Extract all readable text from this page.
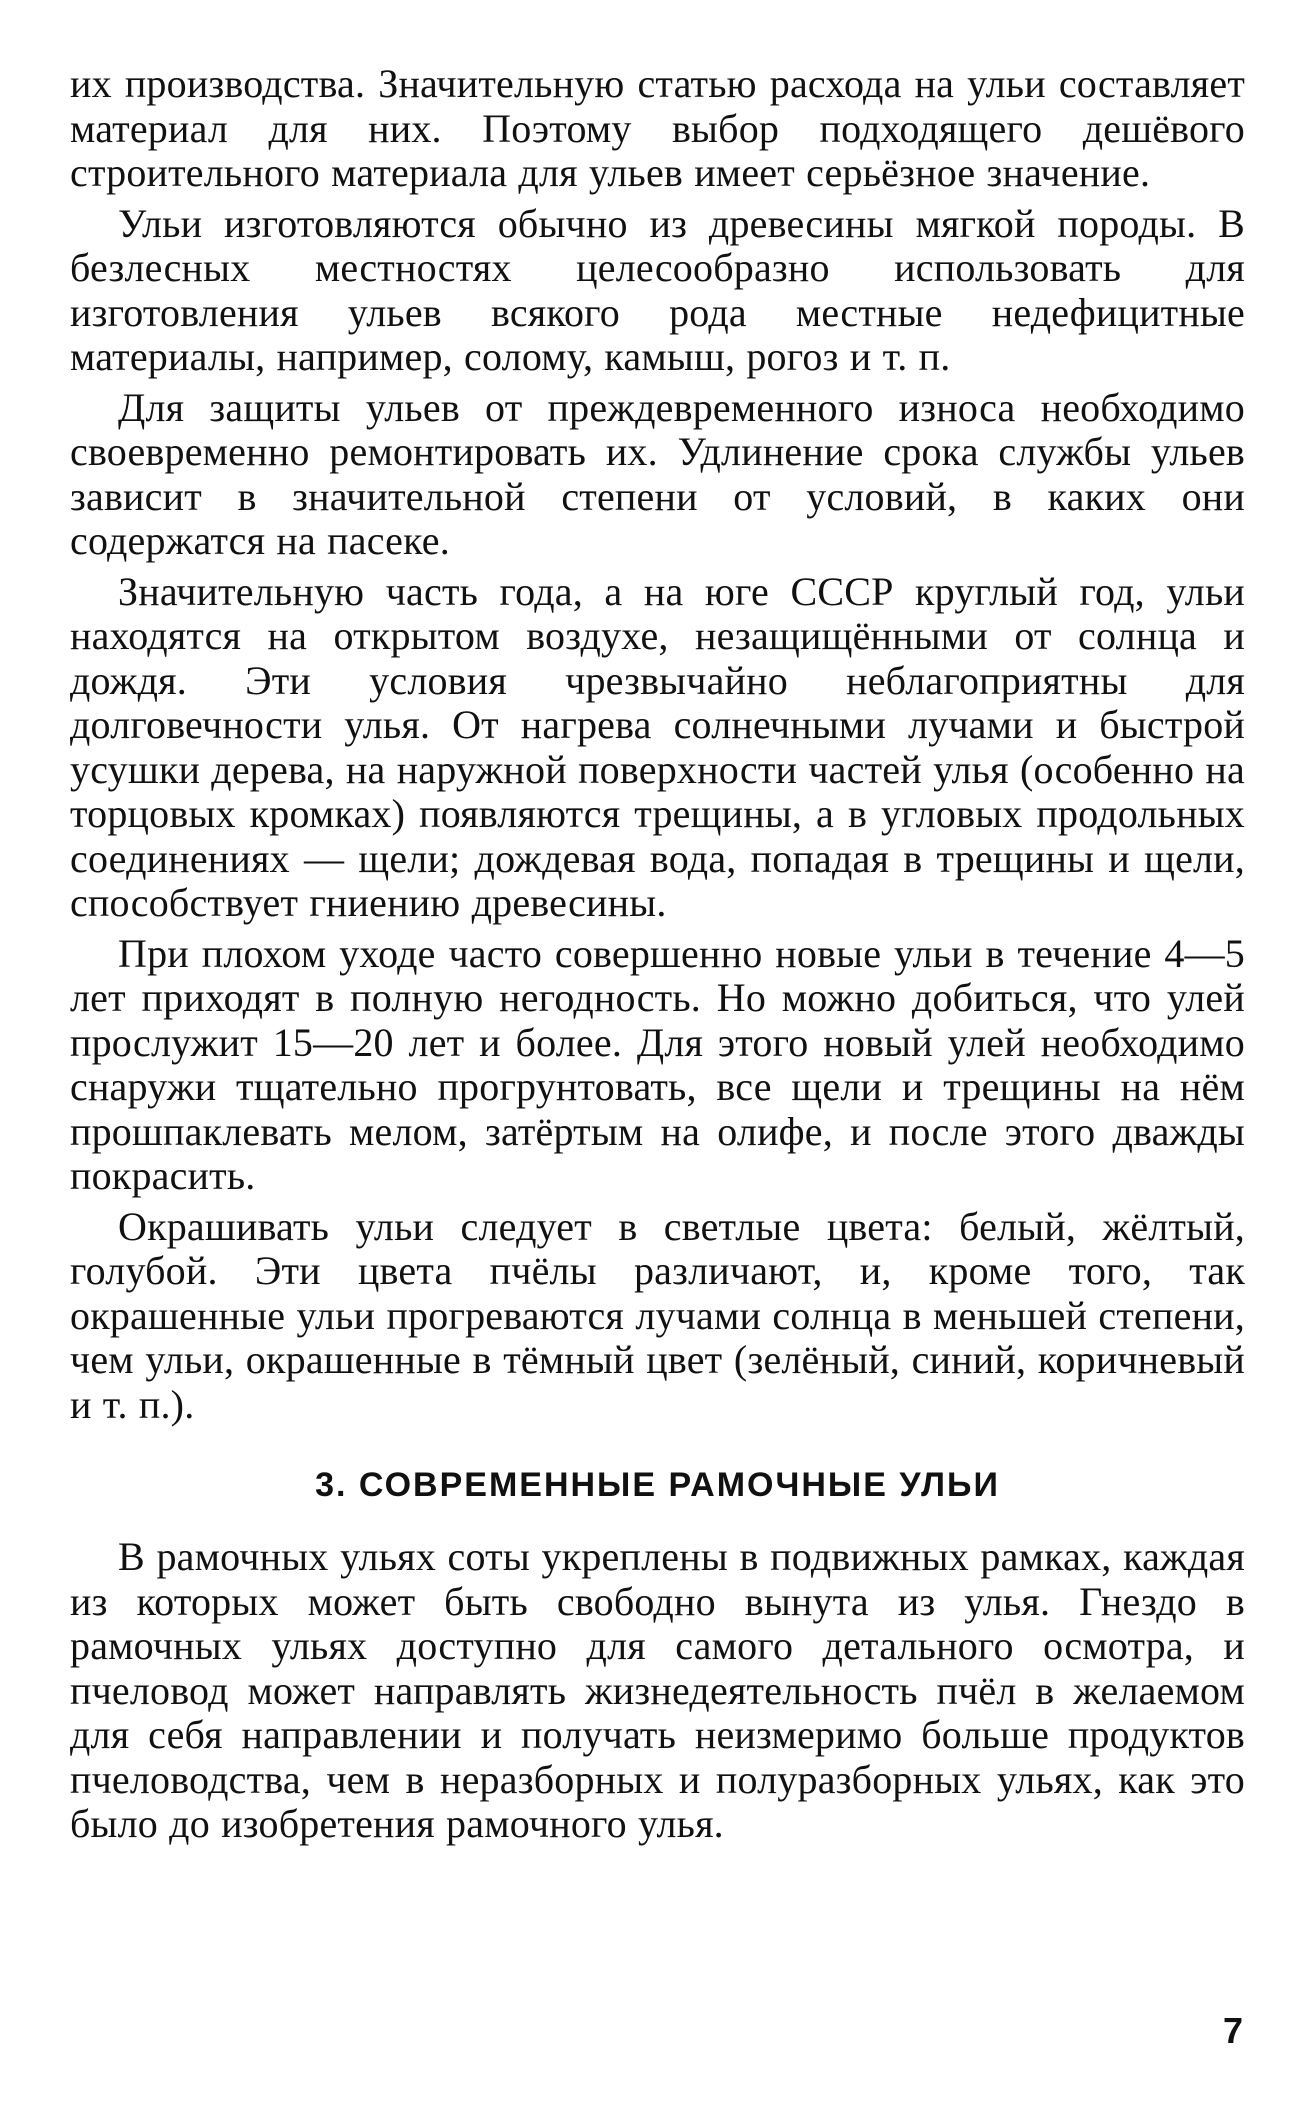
их производства. Значительную статью расхода на ульи составляет материал для них. Поэтому выбор подходящего дешёвого строительного материала для ульев имеет серьёзное значение.

Ульи изготовляются обычно из древесины мягкой породы. В безлесных местностях целесообразно использовать для изготовления ульев всякого рода местные недефицитные материалы, например, солому, камыш, рогоз и т. п.

Для защиты ульев от преждевременного износа необходимо своевременно ремонтировать их. Удлинение срока службы ульев зависит в значительной степени от условий, в каких они содержатся на пасеке.

Значительную часть года, а на юге СССР круглый год, ульи находятся на открытом воздухе, незащищёнными от солнца и дождя. Эти условия чрезвычайно неблагоприятны для долговечности улья. От нагрева солнечными лучами и быстрой усушки дерева, на наружной поверхности частей улья (особенно на торцовых кромках) появляются трещины, а в угловых продольных соединениях — щели; дождевая вода, попадая в трещины и щели, способствует гниению древесины.

При плохом уходе часто совершенно новые ульи в течение 4—5 лет приходят в полную негодность. Но можно добиться, что улей прослужит 15—20 лет и более. Для этого новый улей необходимо снаружи тщательно прогрунтовать, все щели и трещины на нём прошпаклевать мелом, затёртым на олифе, и после этого дважды покрасить.

Окрашивать ульи следует в светлые цвета: белый, жёлтый, голубой. Эти цвета пчёлы различают, и, кроме того, так окрашенные ульи прогреваются лучами солнца в меньшей степени, чем ульи, окрашенные в тёмный цвет (зелёный, синий, коричневый и т. п.).

3. СОВРЕМЕННЫЕ РАМОЧНЫЕ УЛЬИ

В рамочных ульях соты укреплены в подвижных рамках, каждая из которых может быть свободно вынута из улья. Гнездо в рамочных ульях доступно для самого детального осмотра, и пчеловод может направлять жизнедеятельность пчёл в желаемом для себя направлении и получать неизмеримо больше продуктов пчеловодства, чем в неразборных и полуразборных ульях, как это было до изобретения рамочного улья.

7
